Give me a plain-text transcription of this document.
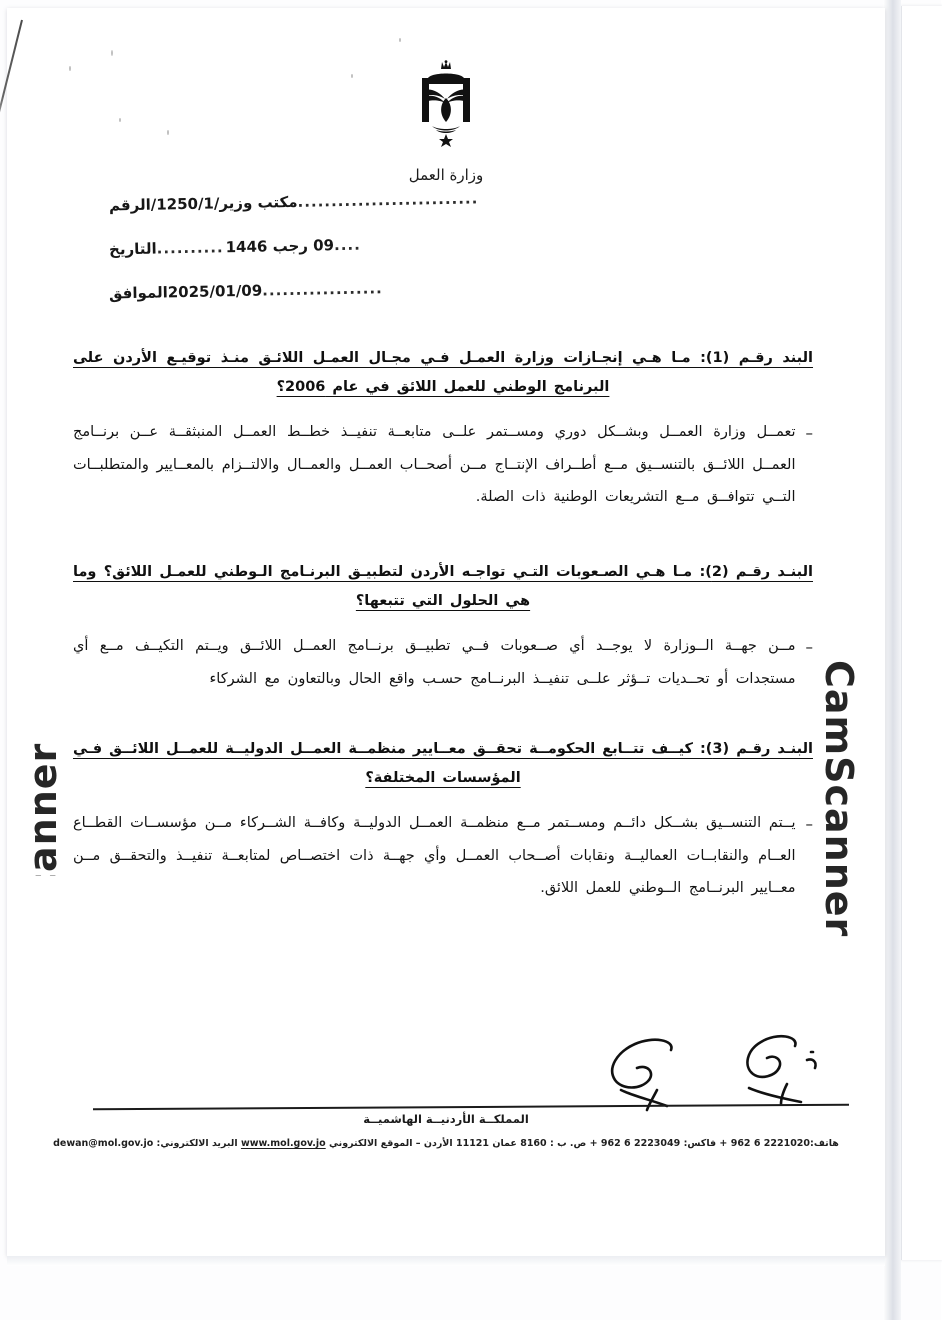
وزارة العمل
...........................مكتب وزير/1250/1/الرقم
....09 رجب 1446..........التاريخ
..................2025/01/09الموافق
البند رقـم (1): مـا هـي إنجـازات وزارة العمـل فـي مجـال العمـل اللائـق منـذ توقيـع الأردن على البرنامج الوطني للعمل اللائق في عام 2006؟
–
تعمــل وزارة العمــل وبشــكل دوري ومســتمر علــى متابعــة تنفيــذ خطــط العمــل المنبثقــة عــن برنــامج العمــل اللائــق بالتنســيق مــع أطــراف الإنتــاج مــن أصحــاب العمــل والعمــال والالتــزام بالمعــايير والمتطلبــات التــي تتوافــق مــع التشريعات الوطنية ذات الصلة.
البنـد رقـم (2): مـا هـي الصـعوبات التـي تواجـه الأردن لتطبيـق البرنـامج الـوطني للعمـل اللائق؟ وما هي الحلول التي تتبعها؟
–
مــن جهــة الــوزارة لا يوجــد أي صــعوبات فــي تطبيــق برنــامج العمــل اللائــق ويــتم التكيــف مــع أي مستجدات أو تحــديات تــؤثر علــى تنفيــذ البرنــامج حسـب واقع الحال وبالتعاون مع الشركاء
البنـد رقـم (3): كيــف تتــابع الحكومــة تحقــق معــايير منظمــة العمــل الدوليــة للعمــل اللائــق فـي المؤسسات المختلفة؟
–
يــتم التنســيق بشــكل دائــم ومســتمر مــع منظمــة العمــل الدوليــة وكافــة الشــركاء مــن مؤسســات القطــاع العــام والنقابــات العماليــة ونقابات أصــحاب العمــل وأي جهــة ذات اختصــاص لمتابعــة تنفيــذ والتحقــق مــن معــايير البرنــامج الــوطني للعمل اللائق.
المملكــة الأردنيــة الهاشميــة
هاتف:962 6 2221020 + فاكس: 962 6 2223049 + ص. ب : 8160 عمان 11121 الأردن – الموقع الالكتروني www.mol.gov.jo البريد الالكتروني: dewan@mol.gov.jo
CamScanner
